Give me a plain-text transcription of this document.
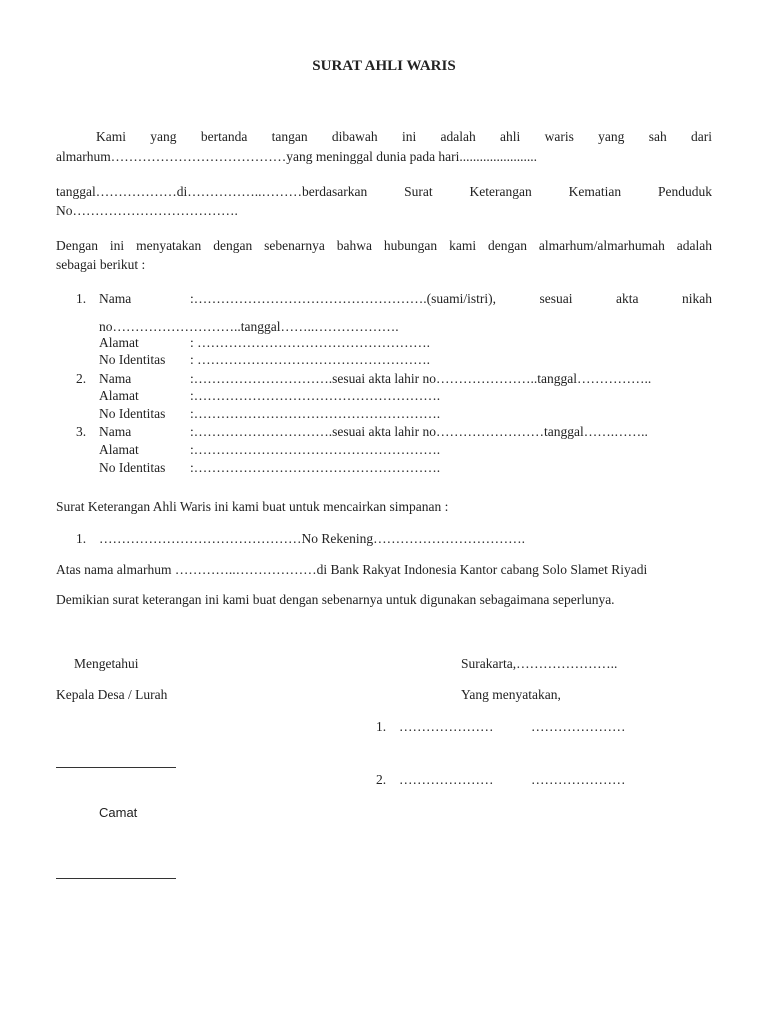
SURAT AHLI WARIS
Kami yang bertanda tangan dibawah ini adalah ahli waris yang sah dari
almarhum…………………………………yang meninggal dunia pada hari.......................
tanggal………………di……………..………berdasarkan Surat Keterangan Kematian Penduduk
No……………………………….
Dengan ini menyatakan dengan sebenarnya bahwa hubungan kami dengan almarhum/almarhumah adalah
sebagai berikut :
1. Nama	:…………………………………………….(suami/istri), sesuai akta nikah
no………………………..tanggal……..……………….
Alamat	: …………………………………………….
No Identitas : …………………………………………….
2. Nama	:………………………….sesuai akta lahir no…………………..tanggal……………..
Alamat	:……………………………………………….
No Identitas :……………………………………………….
3. Nama	:………………………….sesuai akta lahir no……………………tanggal…….……..
Alamat	:……………………………………………….
No Identitas :……………………………………………….
Surat Keterangan Ahli Waris ini kami buat untuk mencairkan simpanan :
1. ………………………………………No Rekening…………………………….
Atas nama almarhum …………..………………di Bank Rakyat Indonesia Kantor cabang Solo Slamet Riyadi
Demikian surat keterangan ini kami buat dengan sebenarnya untuk digunakan sebagaimana seperlunya.
Mengetahui
Kepala Desa / Lurah
Camat
Surakarta,…………………..
Yang menyatakan,
1. …………………	…………………
2. …………………	…………………
